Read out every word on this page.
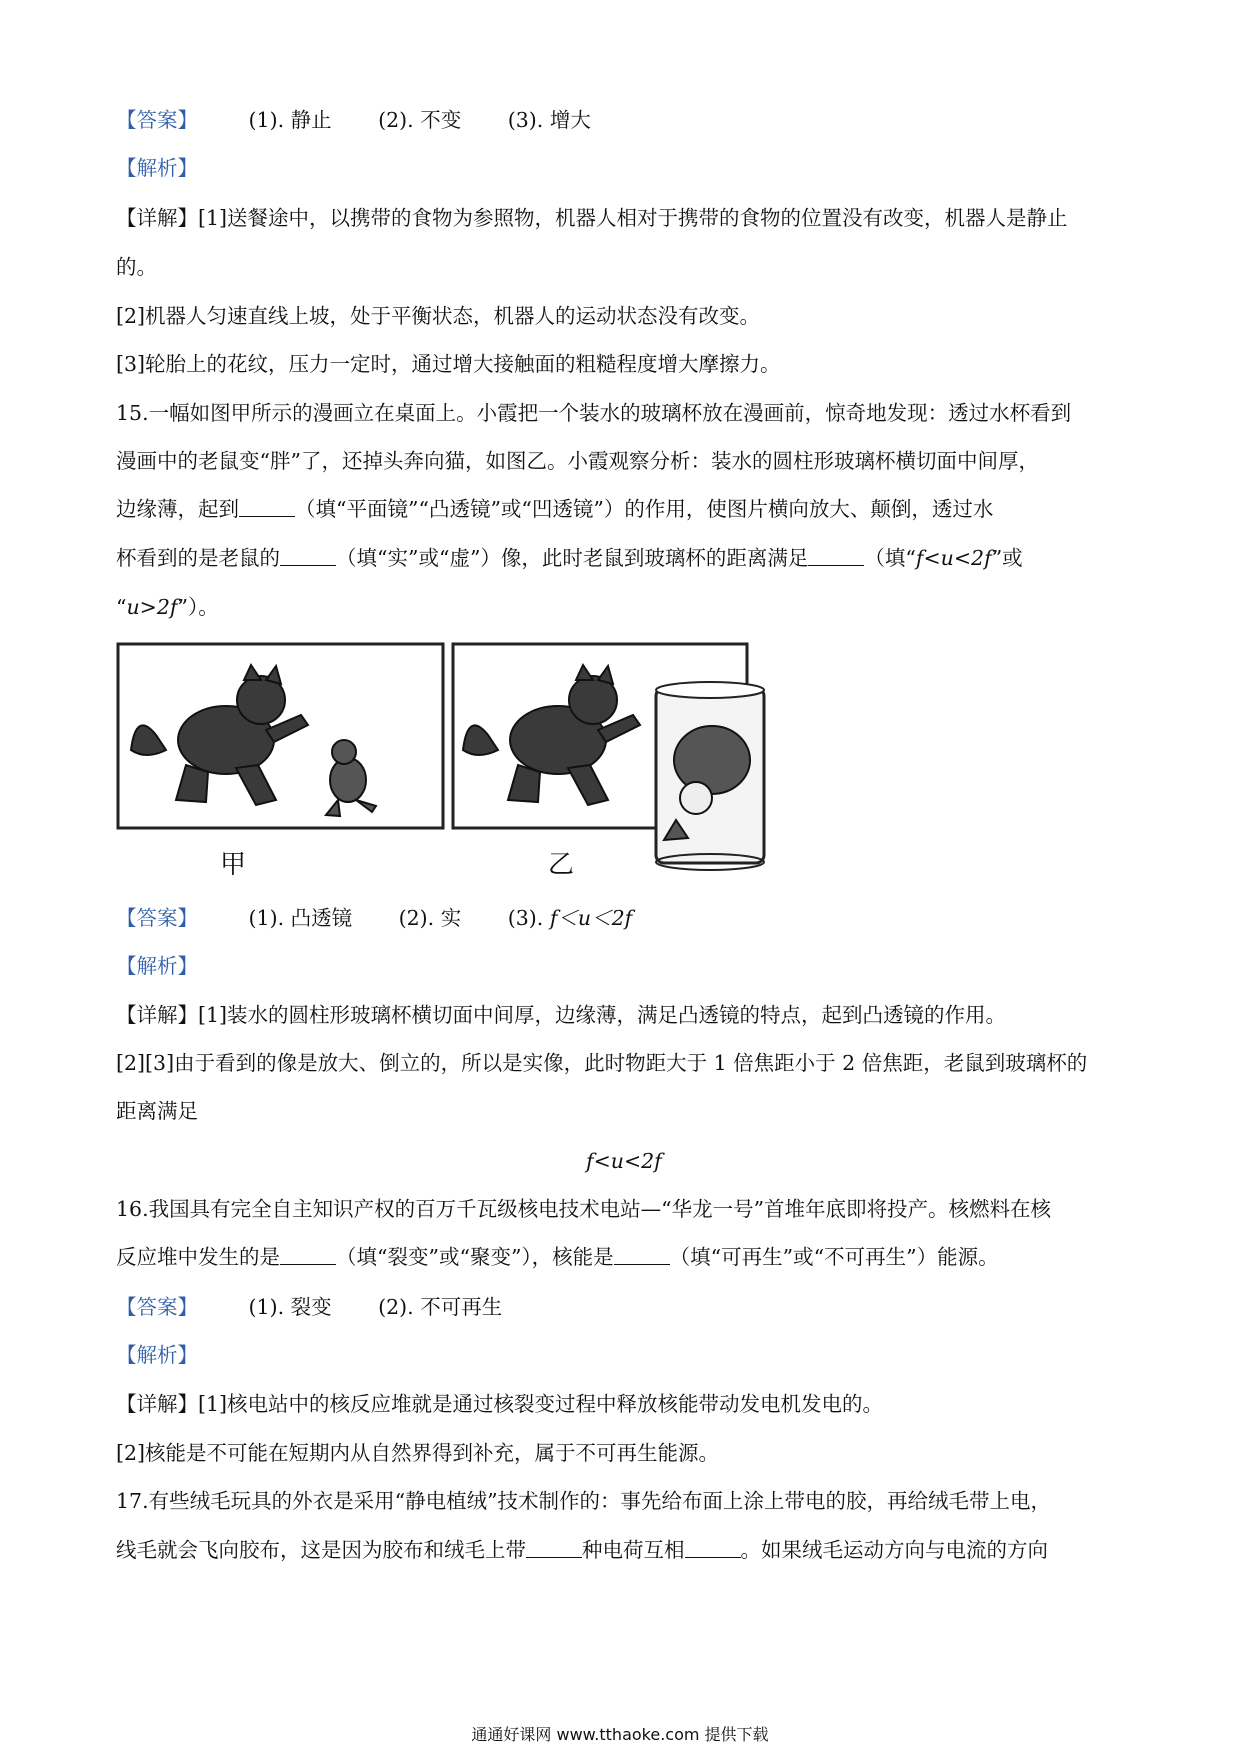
【答案】 (1). 静止 (2). 不变 (3). 增大
【解析】
【详解】[1]送餐途中，以携带的食物为参照物，机器人相对于携带的食物的位置没有改变，机器人是静止
的。
[2]机器人匀速直线上坡，处于平衡状态，机器人的运动状态没有改变。
[3]轮胎上的花纹，压力一定时，通过增大接触面的粗糙程度增大摩擦力。
15.一幅如图甲所示的漫画立在桌面上。小霞把一个装水的玻璃杯放在漫画前，惊奇地发现：透过水杯看到
漫画中的老鼠变“胖”了，还掉头奔向猫，如图乙。小霞观察分析：装水的圆柱形玻璃杯横切面中间厚，
边缘薄，起到	（填“平面镜”“凸透镜”或“凹透镜”）的作用，使图片横向放大、颠倒，透过水
杯看到的是老鼠的	（填“实”或“虚”）像，此时老鼠到玻璃杯的距离满足	（填“f<u<2f”或
“u>2f”）。
甲	乙
【答案】 (1). 凸透镜 (2). 实 (3). f＜u＜2f
【解析】
【详解】[1]装水的圆柱形玻璃杯横切面中间厚，边缘薄，满足凸透镜的特点，起到凸透镜的作用。
[2][3]由于看到的像是放大、倒立的，所以是实像，此时物距大于 1 倍焦距小于 2 倍焦距，老鼠到玻璃杯的
距离满足
f<u<2f
16.我国具有完全自主知识产权的百万千瓦级核电技术电站—“华龙一号”首堆年底即将投产。核燃料在核
反应堆中发生的是	（填“裂变”或“聚变”），核能是	（填“可再生”或“不可再生”）能源。
【答案】 (1). 裂变 (2). 不可再生
【解析】
【详解】[1]核电站中的核反应堆就是通过核裂变过程中释放核能带动发电机发电的。
[2]核能是不可能在短期内从自然界得到补充，属于不可再生能源。
17.有些绒毛玩具的外衣是采用“静电植绒”技术制作的：事先给布面上涂上带电的胶，再给绒毛带上电，
线毛就会飞向胶布，这是因为胶布和绒毛上带	种电荷互相	。如果绒毛运动方向与电流的方向
通通好课网 www.tthaoke.com 提供下载
